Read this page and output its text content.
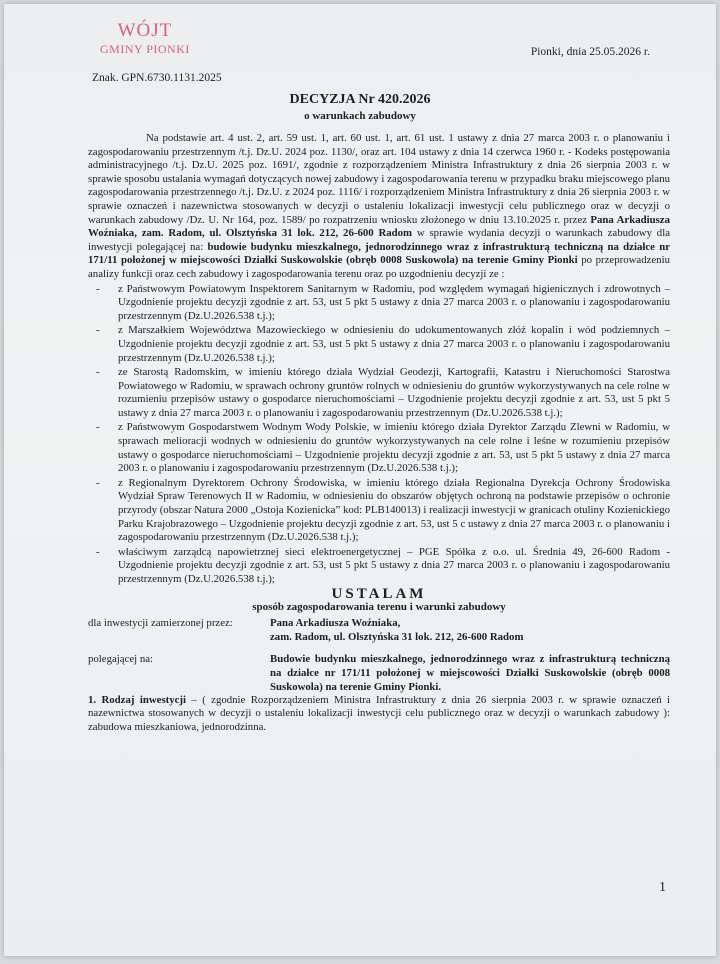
WÓJT
GMINY PIONKI	Pionki, dnia 25.05.2026 r.
Znak. GPN.6730.1131.2025
DECYZJA Nr 420.2026
o warunkach zabudowy

Na podstawie art. 4 ust. 2, art. 59 ust. 1, art. 60 ust. 1, art. 61 ust. 1 ustawy z dnia 27 marca 2003 r. o planowaniu i zagospodarowaniu przestrzennym /t.j. Dz.U. 2024 poz. 1130/, oraz art. 104 ustawy z dnia 14 czerwca 1960 r. - Kodeks postępowania administracyjnego /t.j. Dz.U. 2025 poz. 1691/, zgodnie z rozporządzeniem Ministra Infrastruktury z dnia 26 sierpnia 2003 r. w sprawie sposobu ustalania wymagań dotyczących nowej zabudowy i zagospodarowania terenu w przypadku braku miejscowego planu zagospodarowania przestrzennego /t.j. Dz.U. z 2024 poz. 1116/ i rozporządzeniem Ministra Infrastruktury z dnia 26 sierpnia 2003 r. w sprawie oznaczeń i nazewnictwa stosowanych w decyzji o ustaleniu lokalizacji inwestycji celu publicznego oraz w decyzji o warunkach zabudowy /Dz. U. Nr 164, poz. 1589/ po rozpatrzeniu wniosku złożonego w dniu 13.10.2025 r. przez Pana Arkadiusza Woźniaka, zam. Radom, ul. Olsztyńska 31 lok. 212, 26-600 Radom w sprawie wydania decyzji o warunkach zabudowy dla inwestycji polegającej na: budowie budynku mieszkalnego, jednorodzinnego wraz z infrastrukturą techniczną na działce nr 171/11 położonej w miejscowości Działki Suskowolskie (obręb 0008 Suskowola) na terenie Gminy Pionki po przeprowadzeniu analizy funkcji oraz cech zabudowy i zagospodarowania terenu oraz po uzgodnieniu decyzji ze :

- z Państwowym Powiatowym Inspektorem Sanitarnym w Radomiu, pod względem wymagań higienicznych i zdrowotnych – Uzgodnienie projektu decyzji zgodnie z art. 53, ust 5 pkt 5 ustawy z dnia 27 marca 2003 r. o planowaniu i zagospodarowaniu przestrzennym (Dz.U.2026.538 t.j.);
- z Marszałkiem Województwa Mazowieckiego w odniesieniu do udokumentowanych złóż kopalin i wód podziemnych – Uzgodnienie projektu decyzji zgodnie z art. 53, ust 5 pkt 5 ustawy z dnia 27 marca 2003 r. o planowaniu i zagospodarowaniu przestrzennym (Dz.U.2026.538 t.j.);
- ze Starostą Radomskim, w imieniu którego działa Wydział Geodezji, Kartografii, Katastru i Nieruchomości Starostwa Powiatowego w Radomiu, w sprawach ochrony gruntów rolnych w odniesieniu do gruntów wykorzystywanych na cele rolne w rozumieniu przepisów ustawy o gospodarce nieruchomościami – Uzgodnienie projektu decyzji zgodnie z art. 53, ust 5 pkt 5 ustawy z dnia 27 marca 2003 r. o planowaniu i zagospodarowaniu przestrzennym (Dz.U.2026.538 t.j.);
- z Państwowym Gospodarstwem Wodnym Wody Polskie, w imieniu którego działa Dyrektor Zarządu Zlewni w Radomiu, w sprawach melioracji wodnych w odniesieniu do gruntów wykorzystywanych na cele rolne i leśne w rozumieniu przepisów ustawy o gospodarce nieruchomościami – Uzgodnienie projektu decyzji zgodnie z art. 53, ust 5 pkt 5 ustawy z dnia 27 marca 2003 r. o planowaniu i zagospodarowaniu przestrzennym (Dz.U.2026.538 t.j.);
- z Regionalnym Dyrektorem Ochrony Środowiska, w imieniu którego działa Regionalna Dyrekcja Ochrony Środowiska Wydział Spraw Terenowych II w Radomiu, w odniesieniu do obszarów objętych ochroną na podstawie przepisów o ochronie przyrody (obszar Natura 2000 „Ostoja Kozienicka” kod: PLB140013) i realizacji inwestycji w granicach otuliny Kozienickiego Parku Krajobrazowego – Uzgodnienie projektu decyzji zgodnie z art. 53, ust 5 c ustawy z dnia 27 marca 2003 r. o planowaniu i zagospodarowaniu przestrzennym (Dz.U.2026.538 t.j.);
- właściwym zarządcą napowietrznej sieci elektroenergetycznej – PGE Spółka z o.o. ul. Średnia 49, 26-600 Radom - Uzgodnienie projektu decyzji zgodnie z art. 53, ust 5 pkt 5 ustawy z dnia 27 marca 2003 r. o planowaniu i zagospodarowaniu przestrzennym (Dz.U.2026.538 t.j.);
USTALAM
sposób zagospodarowania terenu i warunki zabudowy
dla inwestycji zamierzonej przez:	Pana Arkadiusza Woźniaka,
	zam. Radom, ul. Olsztyńska 31 lok. 212, 26-600 Radom

polegającej na:	Budowie budynku mieszkalnego, jednorodzinnego wraz z infrastrukturą techniczną na działce nr 171/11 położonej w miejscowości Działki Suskowolskie (obręb 0008 Suskowola) na terenie Gminy Pionki.

1. Rodzaj inwestycji – ( zgodnie Rozporządzeniem Ministra Infrastruktury z dnia 26 sierpnia 2003 r. w sprawie oznaczeń i nazewnictwa stosowanych w decyzji o ustaleniu lokalizacji inwestycji celu publicznego oraz w decyzji o warunkach zabudowy ): zabudowa mieszkaniowa, jednorodzinna.

1
